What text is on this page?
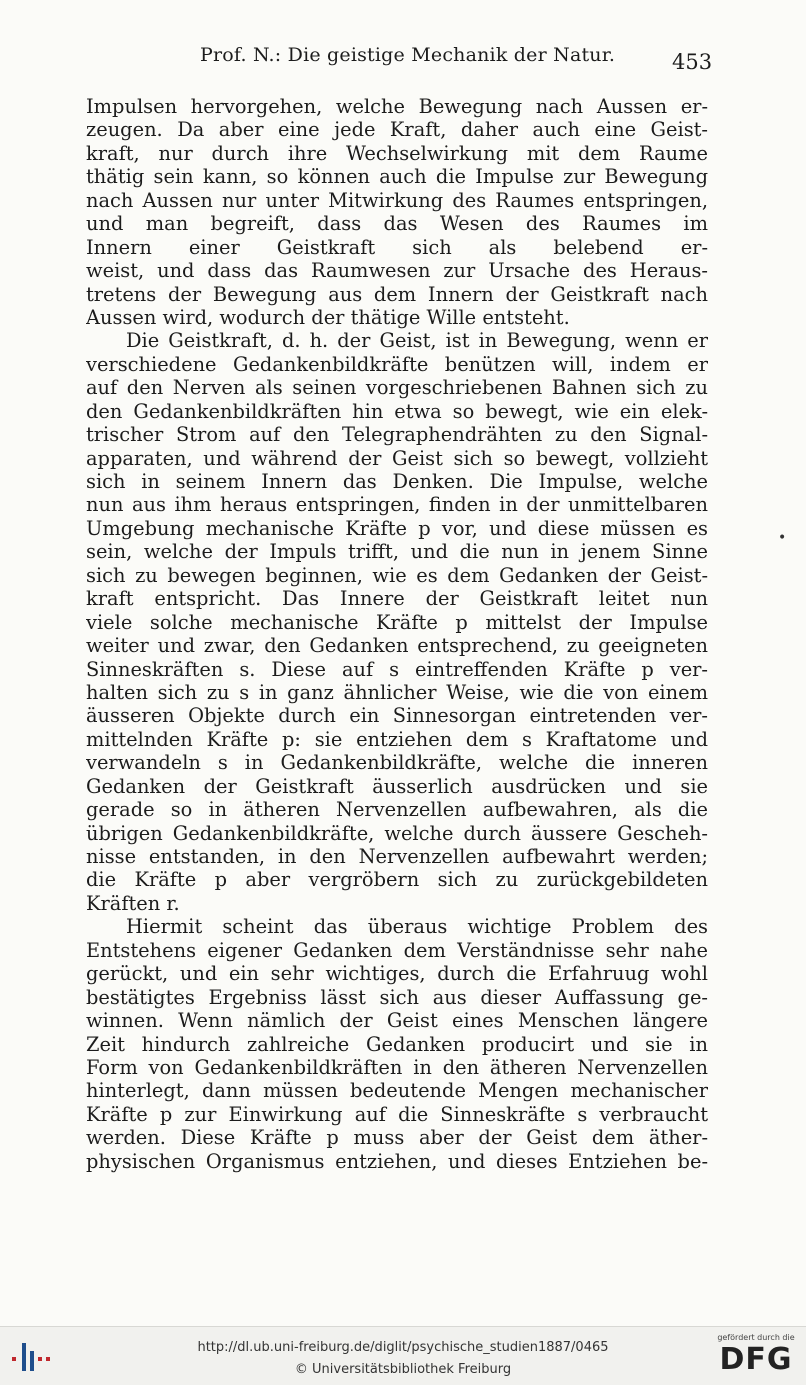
Prof. N.: Die geistige Mechanik der Natur.	453
Impulsen hervorgehen, welche Bewegung nach Aussen er-
zeugen. Da aber eine jede Kraft, daher auch eine Geist-
kraft, nur durch ihre Wechselwirkung mit dem Raume
thätig sein kann, so können auch die Impulse zur Bewegung
nach Aussen nur unter Mitwirkung des Raumes entspringen,
und man begreift, dass das Wesen des Raumes im
Innern einer Geistkraft sich als belebend er-
weist, und dass das Raumwesen zur Ursache des Heraus-
tretens der Bewegung aus dem Innern der Geistkraft nach
Aussen wird, wodurch der thätige Wille entsteht.
Die Geistkraft, d. h. der Geist, ist in Bewegung, wenn er
verschiedene Gedankenbildkräfte benützen will, indem er
auf den Nerven als seinen vorgeschriebenen Bahnen sich zu
den Gedankenbildkräften hin etwa so bewegt, wie ein elek-
trischer Strom auf den Telegraphendrähten zu den Signal-
apparaten, und während der Geist sich so bewegt, vollzieht
sich in seinem Innern das Denken. Die Impulse, welche
nun aus ihm heraus entspringen, finden in der unmittelbaren
Umgebung mechanische Kräfte p vor, und diese müssen es
sein, welche der Impuls trifft, und die nun in jenem Sinne
sich zu bewegen beginnen, wie es dem Gedanken der Geist-
kraft entspricht. Das Innere der Geistkraft leitet nun
viele solche mechanische Kräfte p mittelst der Impulse
weiter und zwar, den Gedanken entsprechend, zu geeigneten
Sinneskräften s. Diese auf s eintreffenden Kräfte p ver-
halten sich zu s in ganz ähnlicher Weise, wie die von einem
äusseren Objekte durch ein Sinnesorgan eintretenden ver-
mittelnden Kräfte p: sie entziehen dem s Kraftatome und
verwandeln s in Gedankenbildkräfte, welche die inneren
Gedanken der Geistkraft äusserlich ausdrücken und sie
gerade so in ätheren Nervenzellen aufbewahren, als die
übrigen Gedankenbildkräfte, welche durch äussere Gescheh-
nisse entstanden, in den Nervenzellen aufbewahrt werden;
die Kräfte p aber vergröbern sich zu zurückgebildeten
Kräften r.
Hiermit scheint das überaus wichtige Problem des
Entstehens eigener Gedanken dem Verständnisse sehr nahe
gerückt, und ein sehr wichtiges, durch die Erfahruug wohl
bestätigtes Ergebniss lässt sich aus dieser Auffassung ge-
winnen. Wenn nämlich der Geist eines Menschen längere
Zeit hindurch zahlreiche Gedanken producirt und sie in
Form von Gedankenbildkräften in den ätheren Nervenzellen
hinterlegt, dann müssen bedeutende Mengen mechanischer
Kräfte p zur Einwirkung auf die Sinneskräfte s verbraucht
werden. Diese Kräfte p muss aber der Geist dem äther-
physischen Organismus entziehen, und dieses Entziehen be-
•
http://dl.ub.uni-freiburg.de/diglit/psychische_studien1887/0465
© Universitätsbibliothek Freiburg
gefördert durch die
DFG
